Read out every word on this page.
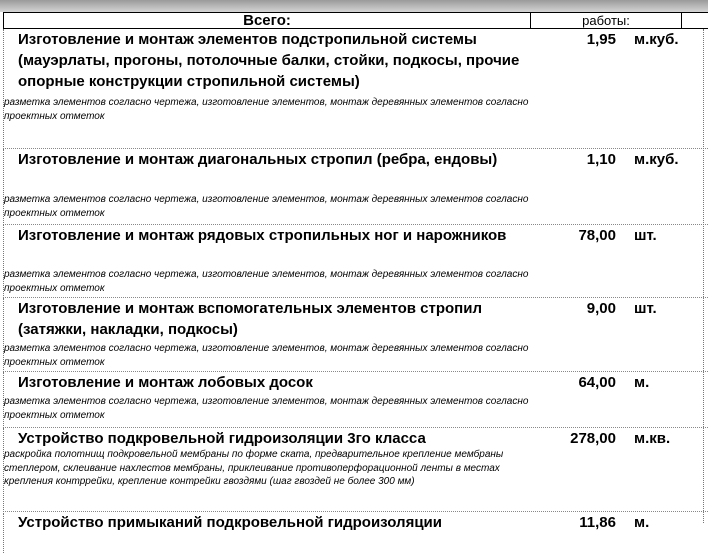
Всего:	работы:
Изготовление и монтаж элементов подстропильной системы (мауэрлаты, прогоны, потолочные балки, стойки, подкосы, прочие опорные конструкции стропильной системы)
разметка элементов согласно чертежа, изготовление элементов, монтаж деревянных элементов согласно проектных отметок
1,95 м.куб.
Изготовление и монтаж диагональных стропил (ребра, ендовы)
разметка элементов согласно чертежа, изготовление элементов, монтаж деревянных элементов согласно проектных отметок
1,10 м.куб.
Изготовление и монтаж рядовых стропильных ног и нарожников
разметка элементов согласно чертежа, изготовление элементов, монтаж деревянных элементов согласно проектных отметок
78,00 шт.
Изготовление и монтаж вспомогательных элементов стропил (затяжки, накладки, подкосы)
разметка элементов согласно чертежа, изготовление элементов, монтаж деревянных элементов согласно проектных отметок
9,00 шт.
Изготовление и монтаж лобовых досок
разметка элементов согласно чертежа, изготовление элементов, монтаж деревянных элементов согласно проектных отметок
64,00 м.
Устройство подкровельной гидроизоляции 3го класса
раскройка полотнищ подкровельной мембраны по форме ската, предварительное крепление мембраны степлером, склеивание нахлестов мембраны, приклеивание противоперфорационной ленты в местах крепления контррейки, крепление контрейки гвоздями (шаг гвоздей не более 300 мм)
278,00 м.кв.
Устройство примыканий подкровельной гидроизоляции	11,86 м.
